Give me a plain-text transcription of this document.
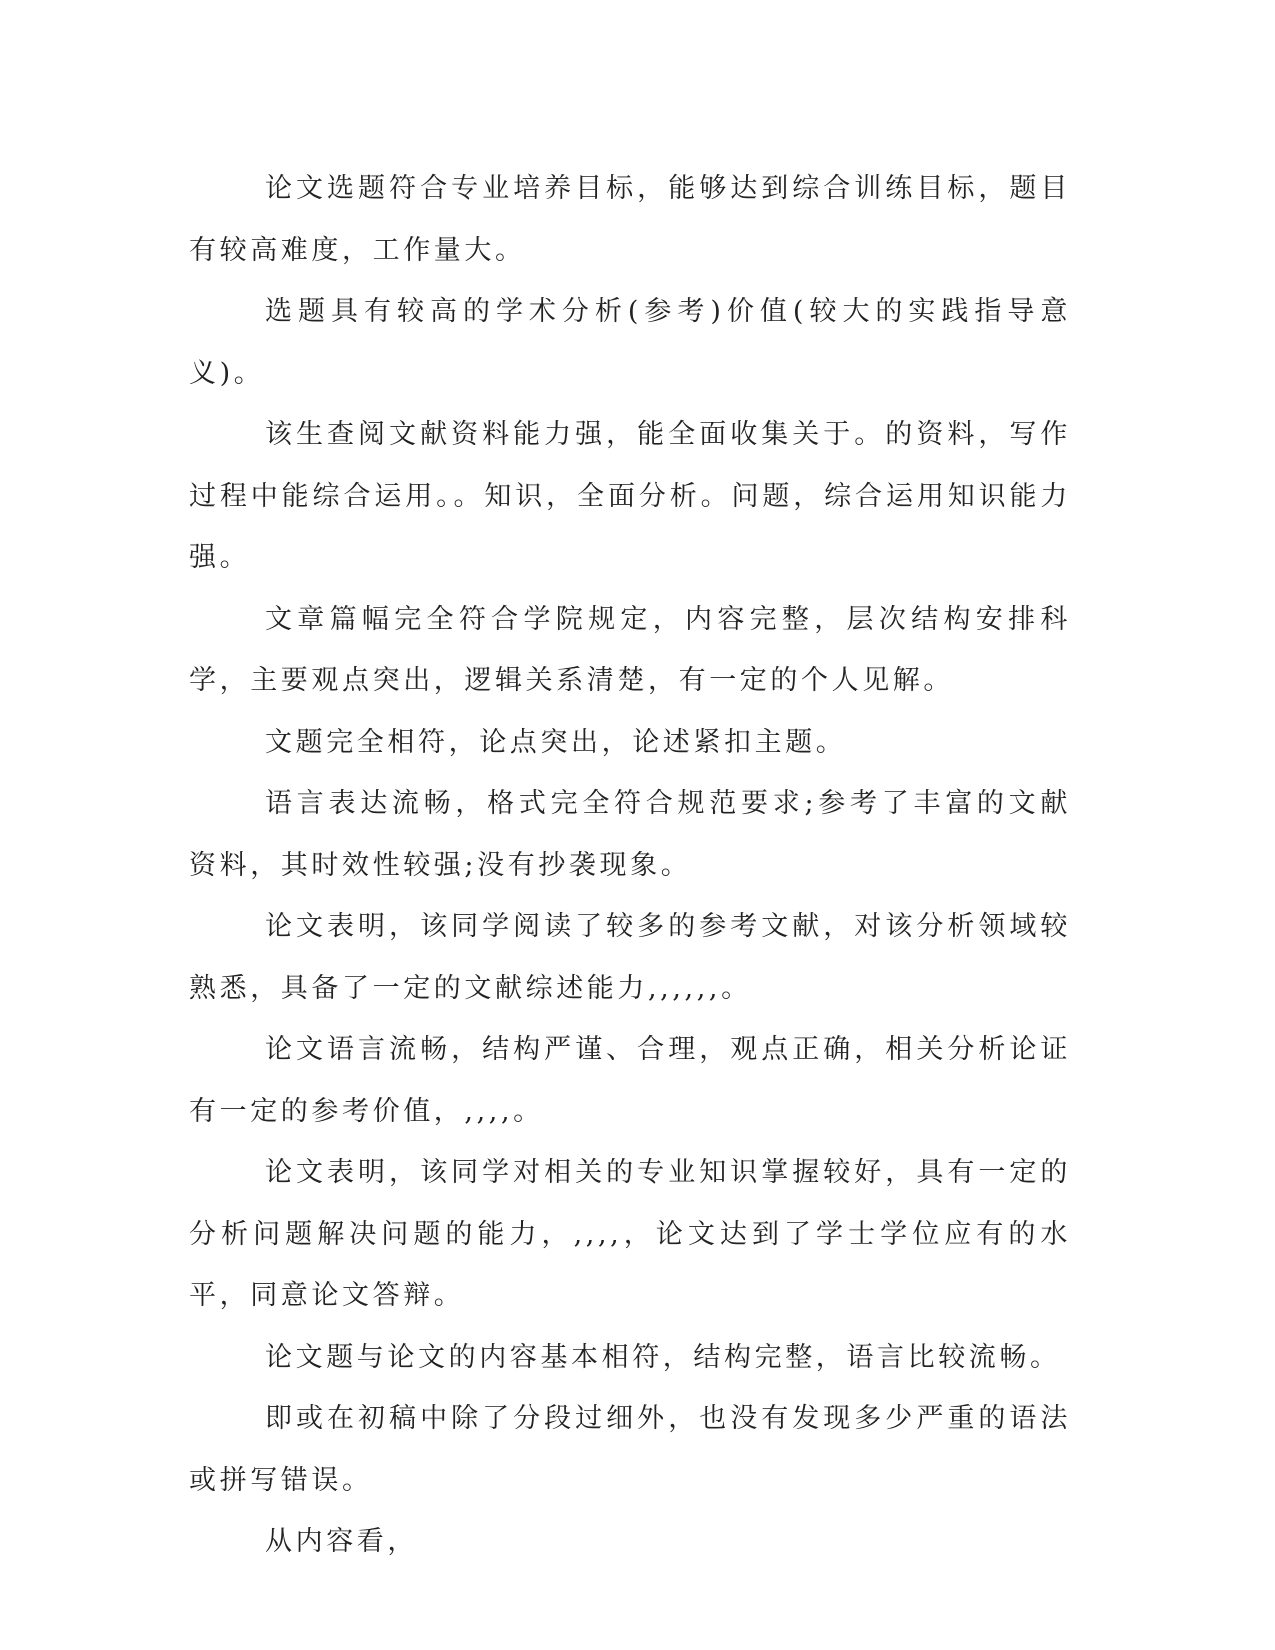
论文选题符合专业培养目标，能够达到综合训练目标，题目有较高难度，工作量大。

选题具有较高的学术分析(参考)价值(较大的实践指导意义)。

该生查阅文献资料能力强，能全面收集关于。的资料，写作过程中能综合运用。。知识，全面分析。问题，综合运用知识能力强。

文章篇幅完全符合学院规定，内容完整，层次结构安排科学，主要观点突出，逻辑关系清楚，有一定的个人见解。

文题完全相符，论点突出，论述紧扣主题。

语言表达流畅，格式完全符合规范要求;参考了丰富的文献资料，其时效性较强;没有抄袭现象。

论文表明，该同学阅读了较多的参考文献，对该分析领域较熟悉，具备了一定的文献综述能力,,,,,,。

论文语言流畅，结构严谨、合理，观点正确，相关分析论证有一定的参考价值，,,,,。

论文表明，该同学对相关的专业知识掌握较好，具有一定的分析问题解决问题的能力，,,,,，论文达到了学士学位应有的水平，同意论文答辩。

论文题与论文的内容基本相符，结构完整，语言比较流畅。

即或在初稿中除了分段过细外，也没有发现多少严重的语法或拼写错误。

从内容看，
